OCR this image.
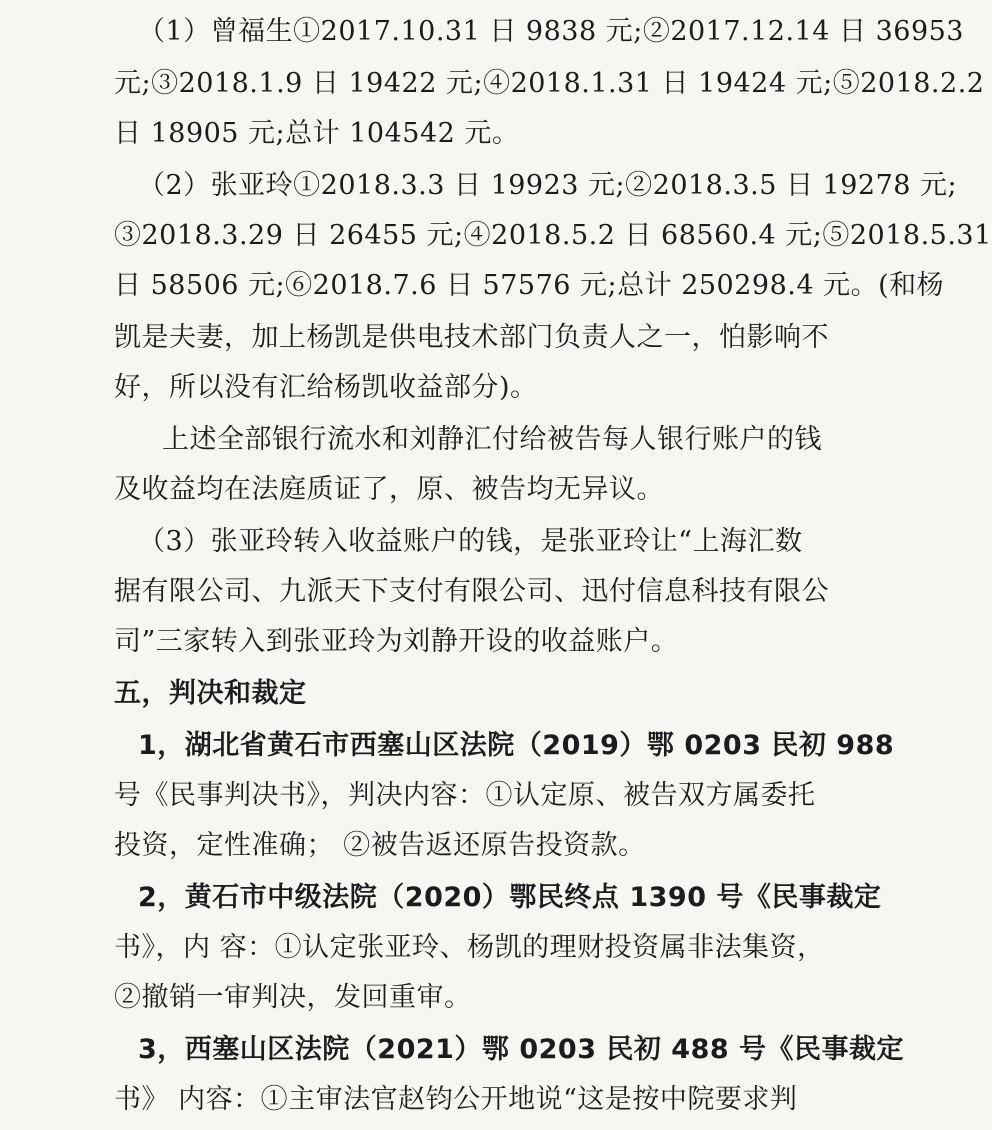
（1）曾福生①2017.10.31 日 9838 元;②2017.12.14 日 36953
元;③2018.1.9 日 19422 元;④2018.1.31 日 19424 元;⑤2018.2.2
日 18905 元;总计 104542 元。
（2）张亚玲①2018.3.3 日 19923 元;②2018.3.5 日 19278 元;
③2018.3.29 日 26455 元;④2018.5.2 日 68560.4 元;⑤2018.5.31
日 58506 元;⑥2018.7.6 日 57576 元;总计 250298.4 元。(和杨
凯是夫妻，加上杨凯是供电技术部门负责人之一，怕影响不
好，所以没有汇给杨凯收益部分)。
上述全部银行流水和刘静汇付给被告每人银行账户的钱
及收益均在法庭质证了，原、被告均无异议。
（3）张亚玲转入收益账户的钱，是张亚玲让“上海汇数
据有限公司、九派天下支付有限公司、迅付信息科技有限公
司”三家转入到张亚玲为刘静开设的收益账户。
五，判决和裁定
1，湖北省黄石市西塞山区法院（2019）鄂 0203 民初 988
号《民事判决书》，判决内容：①认定原、被告双方属委托
投资，定性准确； ②被告返还原告投资款。
2，黄石市中级法院（2020）鄂民终点 1390 号《民事裁定
书》，内 容：①认定张亚玲、杨凯的理财投资属非法集资，
②撤销一审判决，发回重审。
3，西塞山区法院（2021）鄂 0203 民初 488 号《民事裁定
书》 内容：①主审法官赵钧公开地说“这是按中院要求判
